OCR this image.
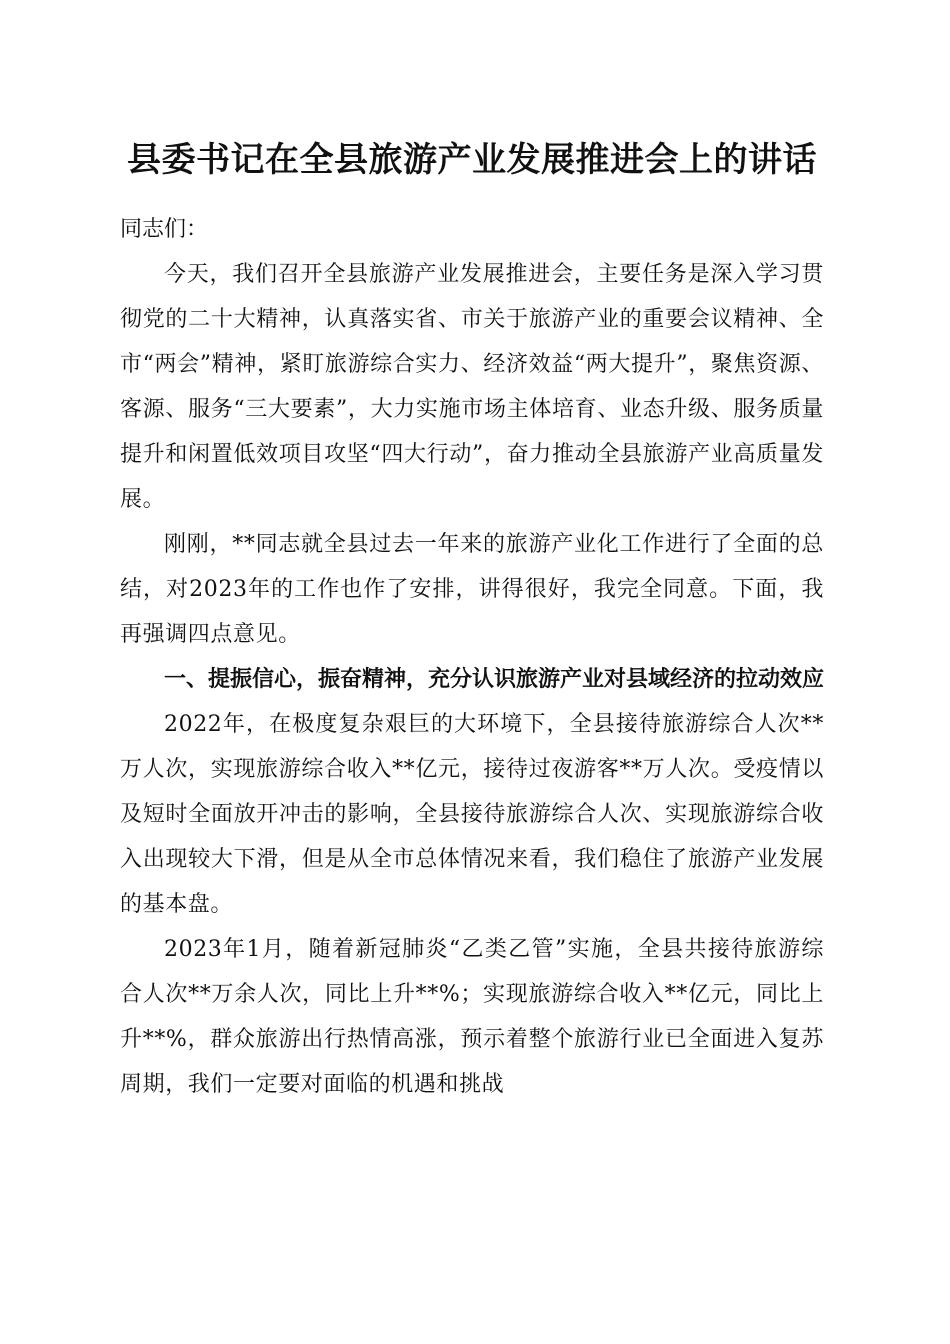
县委书记在全县旅游产业发展推进会上的讲话
同志们：

今天，我们召开全县旅游产业发展推进会，主要任务是深入学习贯彻党的二十大精神，认真落实省、市关于旅游产业的重要会议精神、全市“两会”精神，紧盯旅游综合实力、经济效益“两大提升”，聚焦资源、客源、服务“三大要素”，大力实施市场主体培育、业态升级、服务质量提升和闲置低效项目攻坚“四大行动”，奋力推动全县旅游产业高质量发展。

刚刚，**同志就全县过去一年来的旅游产业化工作进行了全面的总结，对2023年的工作也作了安排，讲得很好，我完全同意。下面，我再强调四点意见。

一、提振信心，振奋精神，充分认识旅游产业对县域经济的拉动效应

2022年，在极度复杂艰巨的大环境下，全县接待旅游综合人次**万人次，实现旅游综合收入**亿元，接待过夜游客**万人次。受疫情以及短时全面放开冲击的影响，全县接待旅游综合人次、实现旅游综合收入出现较大下滑，但是从全市总体情况来看，我们稳住了旅游产业发展的基本盘。

2023年1月，随着新冠肺炎“乙类乙管”实施，全县共接待旅游综合人次**万余人次，同比上升**%；实现旅游综合收入**亿元，同比上升**%，群众旅游出行热情高涨，预示着整个旅游行业已全面进入复苏周期，我们一定要对面临的机遇和挑战
